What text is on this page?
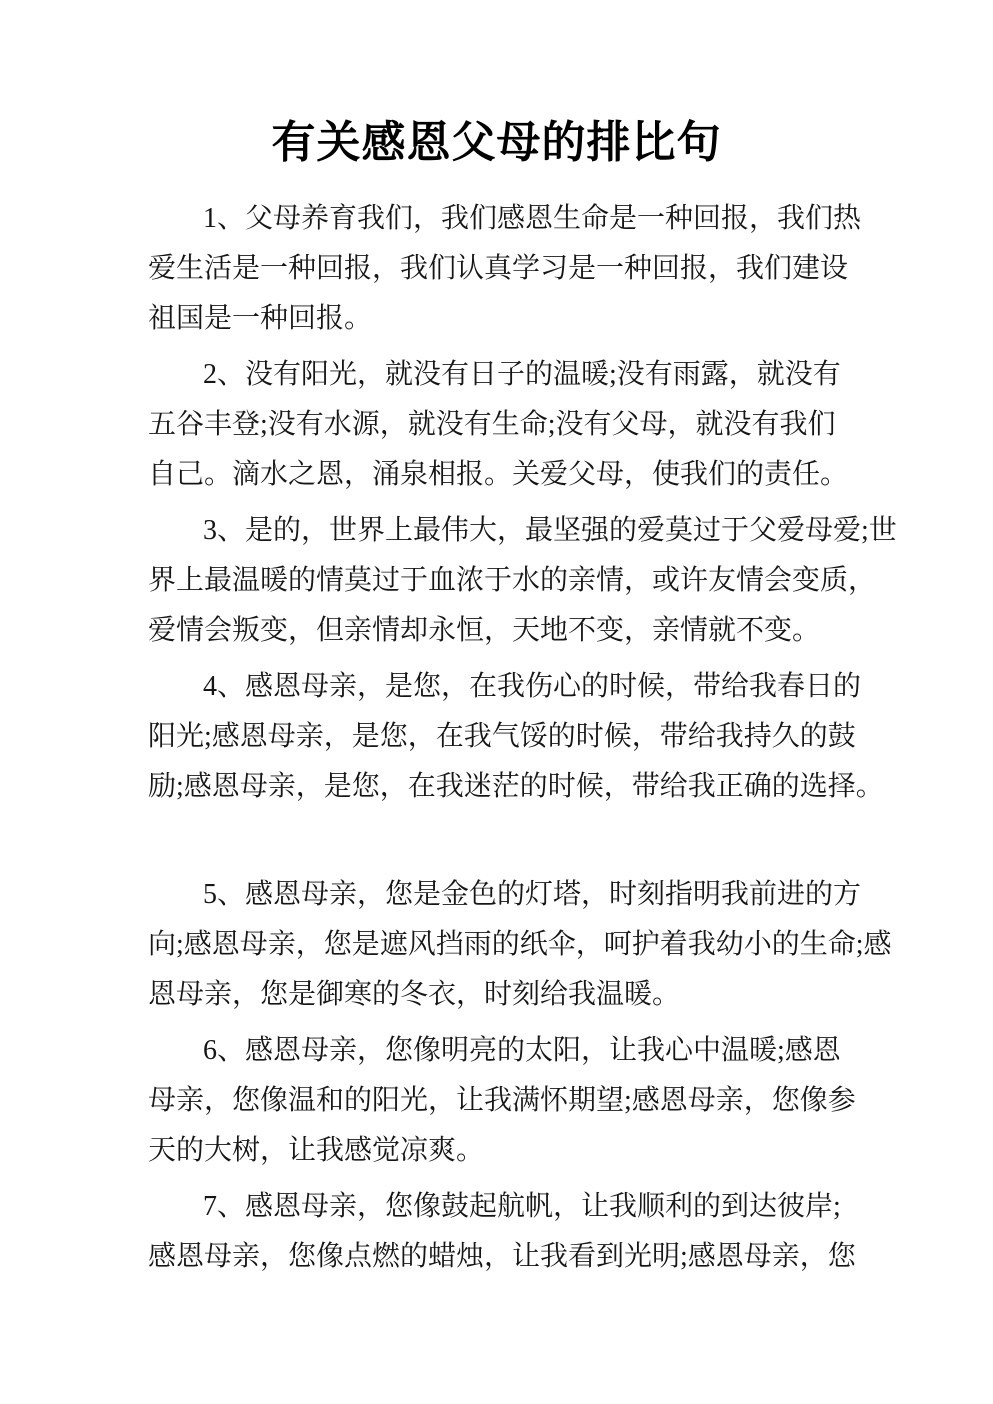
有关感恩父母的排比句
1、父母养育我们，我们感恩生命是一种回报，我们热
爱生活是一种回报，我们认真学习是一种回报，我们建设
祖国是一种回报。
2、没有阳光，就没有日子的温暖;没有雨露，就没有
五谷丰登;没有水源，就没有生命;没有父母，就没有我们
自己。滴水之恩，涌泉相报。关爱父母，使我们的责任。
3、是的，世界上最伟大，最坚强的爱莫过于父爱母爱;世
界上最温暖的情莫过于血浓于水的亲情，或许友情会变质，
爱情会叛变，但亲情却永恒，天地不变，亲情就不变。
4、感恩母亲，是您，在我伤心的时候，带给我春日的
阳光;感恩母亲，是您，在我气馁的时候，带给我持久的鼓
励;感恩母亲，是您，在我迷茫的时候，带给我正确的选择。
5、感恩母亲，您是金色的灯塔，时刻指明我前进的方
向;感恩母亲，您是遮风挡雨的纸伞，呵护着我幼小的生命;感
恩母亲，您是御寒的冬衣，时刻给我温暖。
6、感恩母亲，您像明亮的太阳，让我心中温暖;感恩
母亲，您像温和的阳光，让我满怀期望;感恩母亲，您像参
天的大树，让我感觉凉爽。
7、感恩母亲，您像鼓起航帆，让我顺利的到达彼岸;
感恩母亲，您像点燃的蜡烛，让我看到光明;感恩母亲，您
